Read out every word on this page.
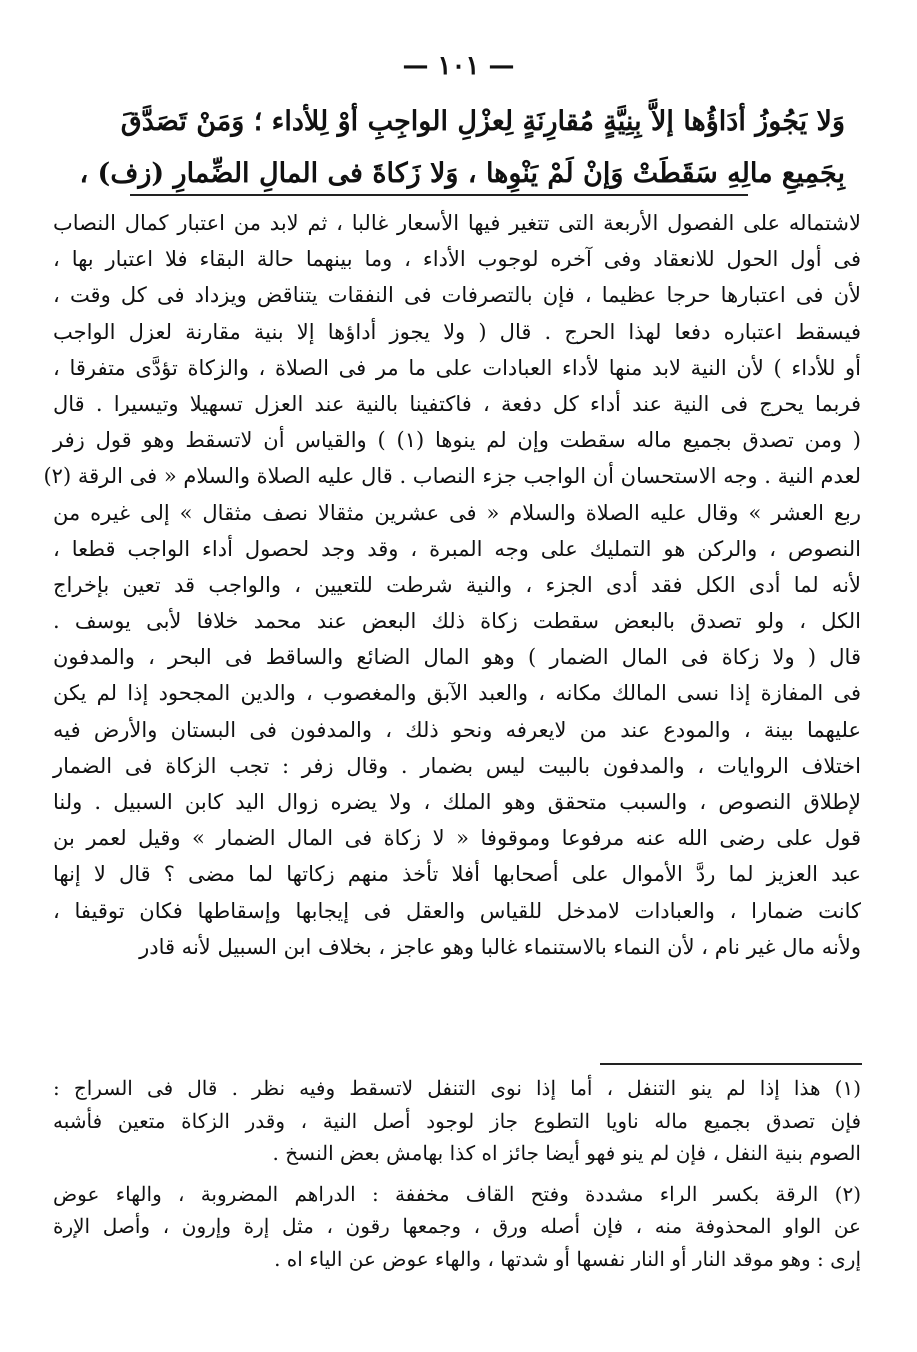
— ١٠١ —
وَلا يَجُوزُ أدَاؤُها إلاَّ بِنِيَّةٍ مُقارِنَةٍ لِعزْلِ الواجِبِ أوْ لِلأداء ؛ وَمَنْ تَصَدَّقَ
بِجَمِيعِ مالِهِ سَقَطَتْ وَإنْ لَمْ يَنْوِها ، وَلا زَكاةَ فى المالِ الضِّمارِ (زف) ،
لاشتماله على الفصول الأربعة التى تتغير فيها الأسعار غالبا ، ثم لابد من اعتبار كمال النصاب
فى أول الحول للانعقاد وفى آخره لوجوب الأداء ، وما بينهما حالة البقاء فلا اعتبار بها ،
لأن فى اعتبارها حرجا عظيما ، فإن بالتصرفات فى النفقات يتناقض ويزداد فى كل وقت ،
فيسقط اعتباره دفعا لهذا الحرج . قال ( ولا يجوز أداؤها إلا بنية مقارنة لعزل الواجب
أو للأداء ) لأن النية لابد منها لأداء العبادات على ما مر فى الصلاة ، والزكاة تؤدَّى متفرقا ،
فربما يحرج فى النية عند أداء كل دفعة ، فاكتفينا بالنية عند العزل تسهيلا وتيسيرا . قال
( ومن تصدق بجميع ماله سقطت وإن لم ينوها (١) ) والقياس أن لاتسقط وهو قول زفر
لعدم النية . وجه الاستحسان أن الواجب جزء النصاب . قال عليه الصلاة والسلام « فى الرقة (٢)
ربع العشر » وقال عليه الصلاة والسلام « فى عشرين مثقالا نصف مثقال » إلى غيره من
النصوص ، والركن هو التمليك على وجه المبرة ، وقد وجد لحصول أداء الواجب قطعا ،
لأنه لما أدى الكل فقد أدى الجزء ، والنية شرطت للتعيين ، والواجب قد تعين بإخراج
الكل ، ولو تصدق بالبعض سقطت زكاة ذلك البعض عند محمد خلافا لأبى يوسف .
قال ( ولا زكاة فى المال الضمار ) وهو المال الضائع والساقط فى البحر ، والمدفون
فى المفازة إذا نسى المالك مكانه ، والعبد الآبق والمغصوب ، والدين المجحود إذا لم يكن
عليهما بينة ، والمودع عند من لايعرفه ونحو ذلك ، والمدفون فى البستان والأرض فيه
اختلاف الروايات ، والمدفون بالبيت ليس بضمار . وقال زفر : تجب الزكاة فى الضمار
لإطلاق النصوص ، والسبب متحقق وهو الملك ، ولا يضره زوال اليد كابن السبيل . ولنا
قول على رضى الله عنه مرفوعا وموقوفا « لا زكاة فى المال الضمار » وقيل لعمر بن
عبد العزيز لما ردَّ الأموال على أصحابها أفلا تأخذ منهم زكاتها لما مضى ؟ قال لا إنها
كانت ضمارا ، والعبادات لامدخل للقياس والعقل فى إيجابها وإسقاطها فكان توقيفا ،
ولأنه مال غير نام ، لأن النماء بالاستنماء غالبا وهو عاجز ، بخلاف ابن السبيل لأنه قادر
(١) هذا إذا لم ينو التنفل ، أما إذا نوى التنفل لاتسقط وفيه نظر . قال فى السراج :
فإن تصدق بجميع ماله ناويا التطوع جاز لوجود أصل النية ، وقدر الزكاة متعين فأشبه
الصوم بنية النفل ، فإن لم ينو فهو أيضا جائز اه كذا بهامش بعض النسخ .
(٢) الرقة بكسر الراء مشددة وفتح القاف مخففة : الدراهم المضروبة ، والهاء عوض
عن الواو المحذوفة منه ، فإن أصله ورق ، وجمعها رقون ، مثل إرة وإرون ، وأصل الإرة
إرى : وهو موقد النار أو النار نفسها أو شدتها ، والهاء عوض عن الياء اه .
